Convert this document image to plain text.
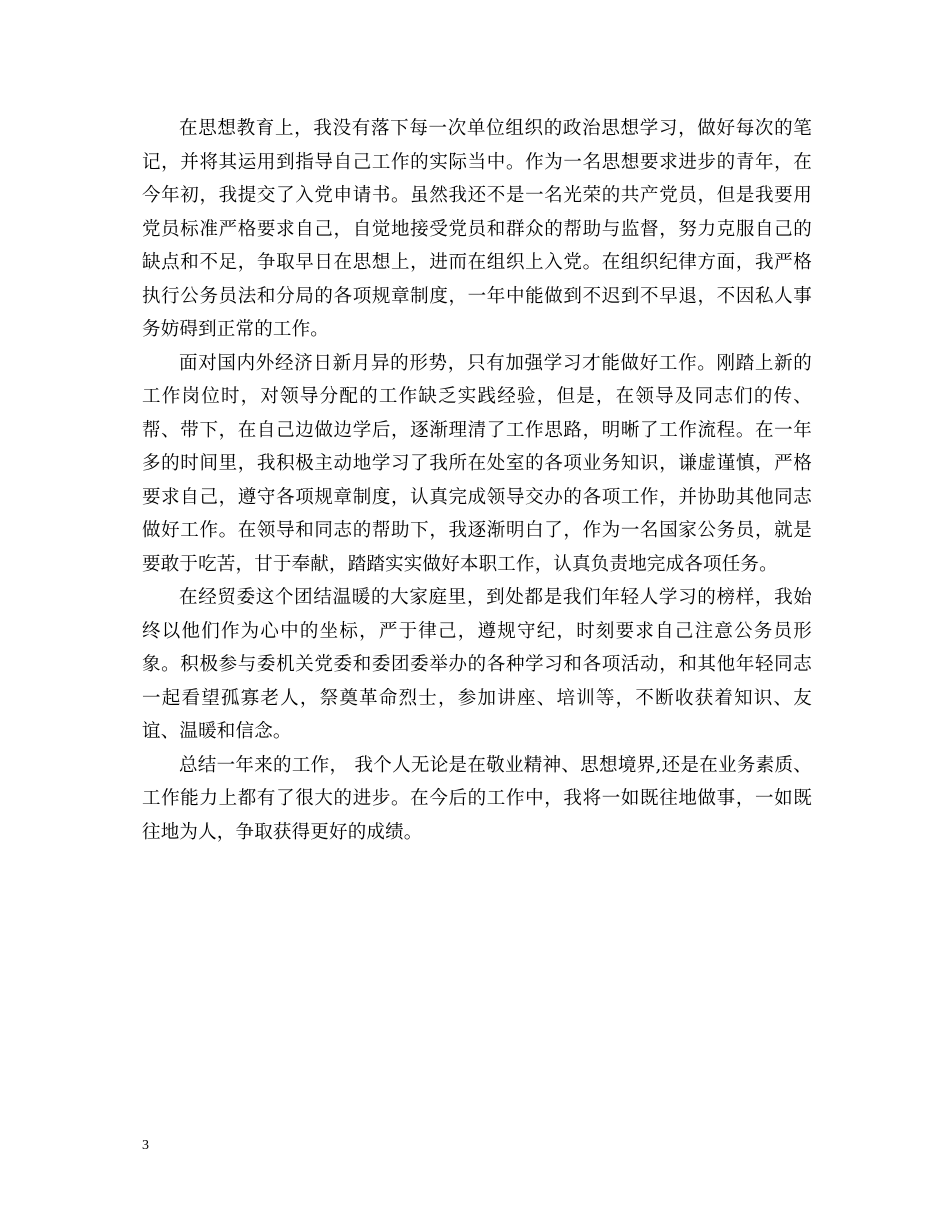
在思想教育上，我没有落下每一次单位组织的政治思想学习，做好每次的笔记，并将其运用到指导自己工作的实际当中。作为一名思想要求进步的青年，在今年初，我提交了入党申请书。虽然我还不是一名光荣的共产党员，但是我要用党员标准严格要求自己，自觉地接受党员和群众的帮助与监督，努力克服自己的缺点和不足，争取早日在思想上，进而在组织上入党。在组织纪律方面，我严格执行公务员法和分局的各项规章制度，一年中能做到不迟到不早退，不因私人事务妨碍到正常的工作。

面对国内外经济日新月异的形势，只有加强学习才能做好工作。刚踏上新的工作岗位时，对领导分配的工作缺乏实践经验，但是，在领导及同志们的传、帮、带下，在自己边做边学后，逐渐理清了工作思路，明晰了工作流程。在一年多的时间里，我积极主动地学习了我所在处室的各项业务知识，谦虚谨慎，严格要求自己，遵守各项规章制度，认真完成领导交办的各项工作，并协助其他同志做好工作。在领导和同志的帮助下，我逐渐明白了，作为一名国家公务员，就是要敢于吃苦，甘于奉献，踏踏实实做好本职工作，认真负责地完成各项任务。

在经贸委这个团结温暖的大家庭里，到处都是我们年轻人学习的榜样，我始终以他们作为心中的坐标，严于律己，遵规守纪，时刻要求自己注意公务员形象。积极参与委机关党委和委团委举办的各种学习和各项活动，和其他年轻同志一起看望孤寡老人，祭奠革命烈士，参加讲座、培训等，不断收获着知识、友谊、温暖和信念。

总结一年来的工作， 我个人无论是在敬业精神、思想境界,还是在业务素质、工作能力上都有了很大的进步。在今后的工作中，我将一如既往地做事，一如既往地为人，争取获得更好的成绩。

3
